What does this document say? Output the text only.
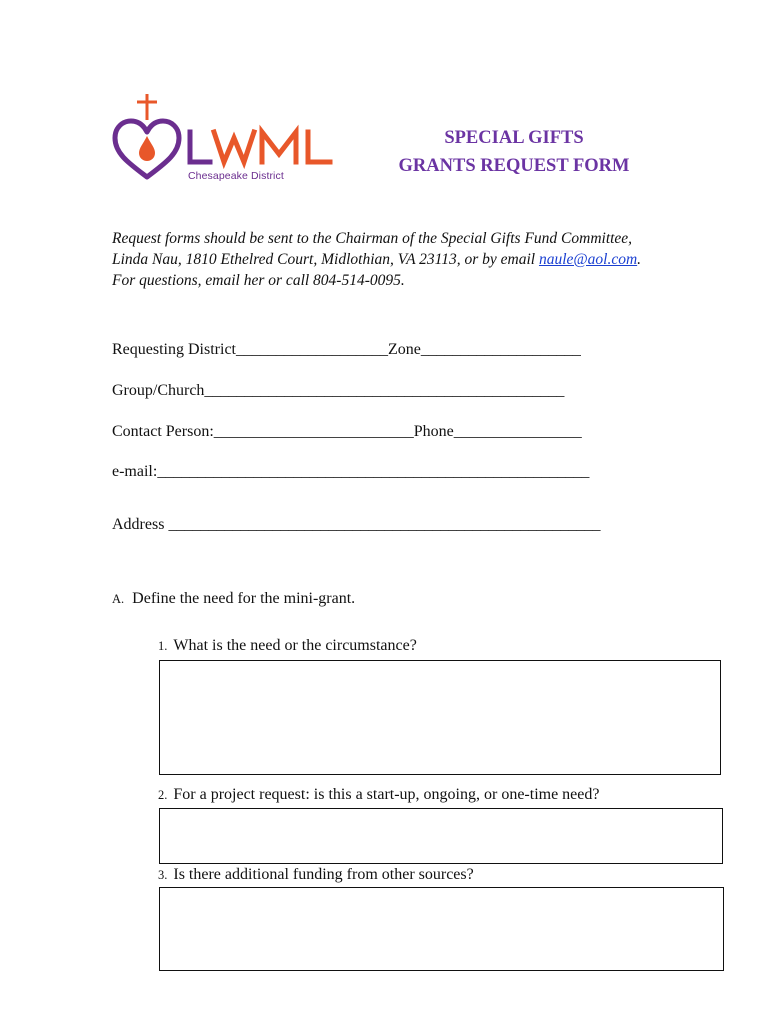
Chesapeake District
SPECIAL GIFTS
GRANTS REQUEST FORM
Request forms should be sent to the Chairman of the Special Gifts Fund Committee, Linda Nau, 1810 Ethelred Court, Midlothian, VA 23113, or by email naule@aol.com. For questions, email her or call 804-514-0095.
Requesting District___________________Zone____________________
Group/Church_____________________________________________
Contact Person:_________________________Phone________________
e-mail:______________________________________________________
Address ______________________________________________________
A. Define the need for the mini-grant.
1. What is the need or the circumstance?
2. For a project request: is this a start-up, ongoing, or one-time need?
3. Is there additional funding from other sources?
